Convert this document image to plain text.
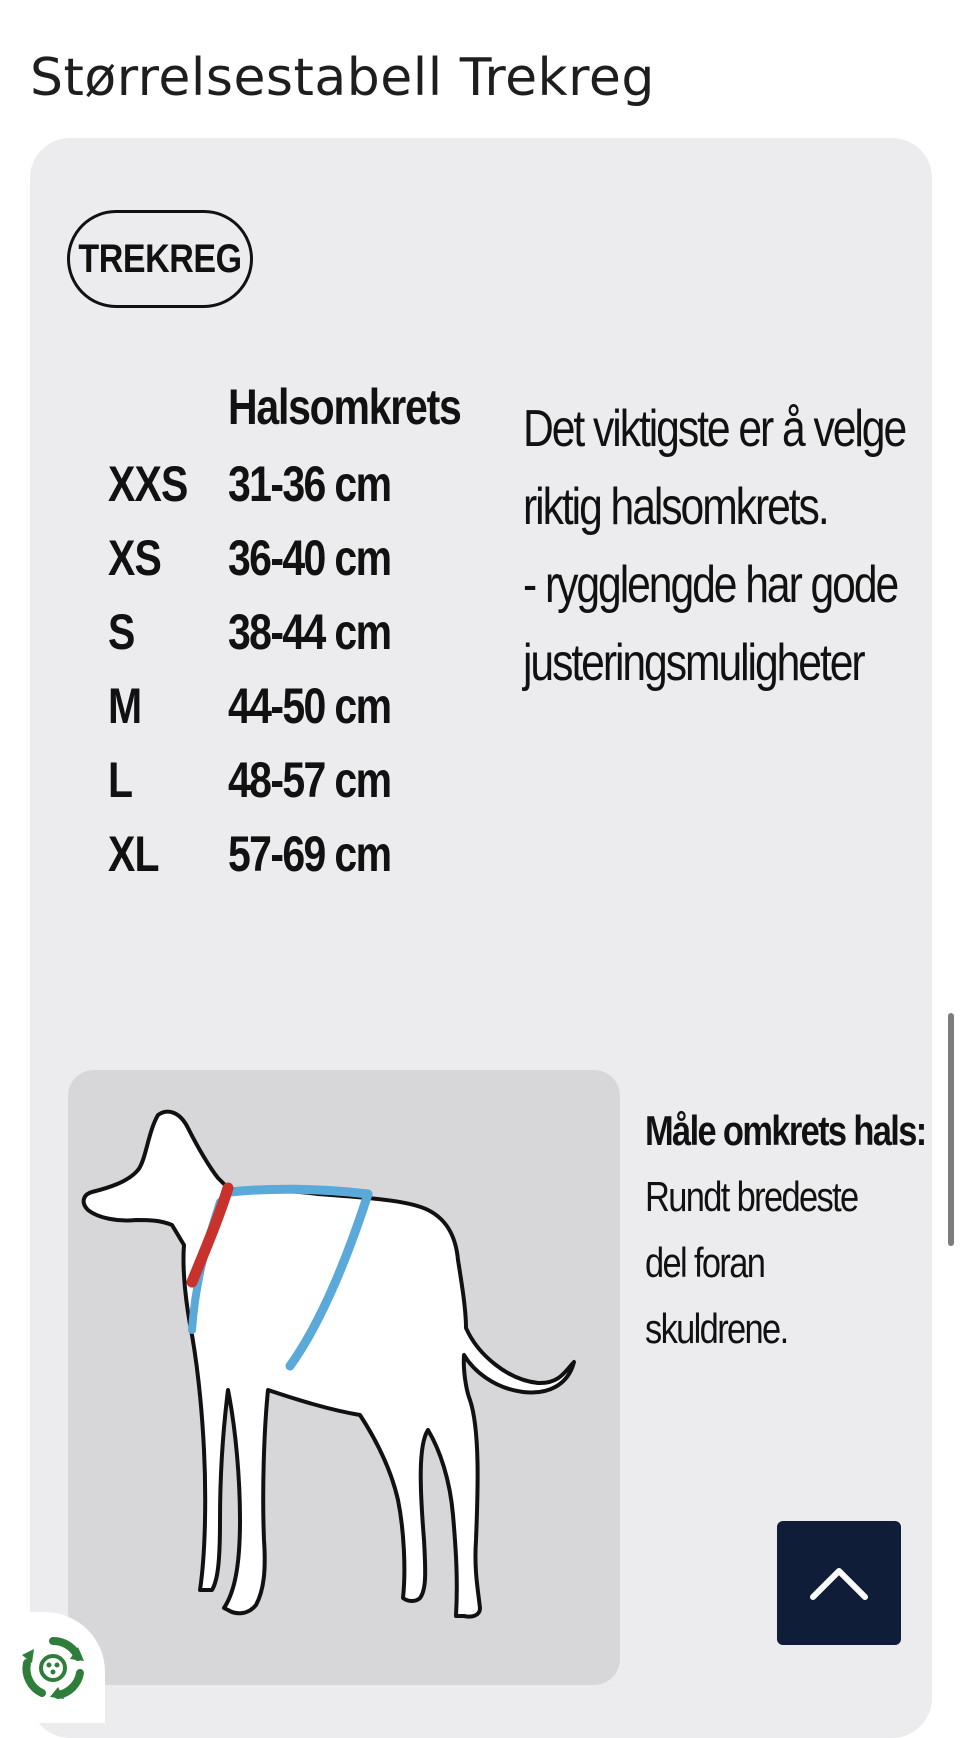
Størrelsestabell Trekreg
TREKREG
Halsomkrets
XXS 31-36 cm
XS 36-40 cm
S 38-44 cm
M 44-50 cm
L 48-57 cm
XL 57-69 cm
Det viktigste er å velge
riktig halsomkrets.
- rygglengde har gode
justeringsmuligheter
Måle omkrets hals:
Rundt bredeste
del foran
skuldrene.
